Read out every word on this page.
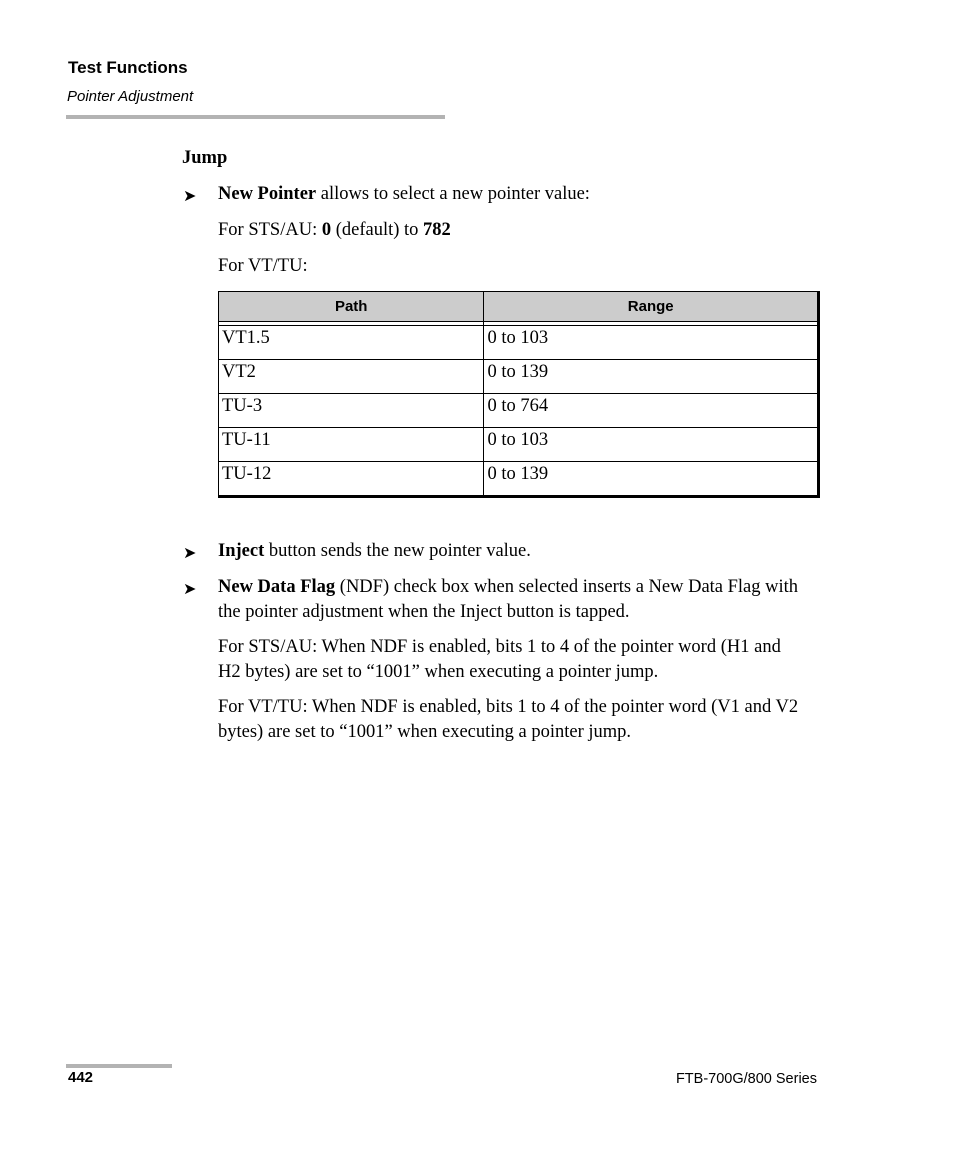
Test Functions
Pointer Adjustment
Jump
➤ New Pointer allows to select a new pointer value:
For STS/AU: 0 (default) to 782
For VT/TU:
Path	Range

VT1.5	0 to 103
VT2	0 to 139
TU-3	0 to 764
TU-11	0 to 103
TU-12	0 to 139
➤ Inject button sends the new pointer value.
➤ New Data Flag (NDF) check box when selected inserts a New Data Flag with the pointer adjustment when the Inject button is tapped.
For STS/AU: When NDF is enabled, bits 1 to 4 of the pointer word (H1 and H2 bytes) are set to “1001” when executing a pointer jump.
For VT/TU: When NDF is enabled, bits 1 to 4 of the pointer word (V1 and V2 bytes) are set to “1001” when executing a pointer jump.
442	FTB-700G/800 Series
